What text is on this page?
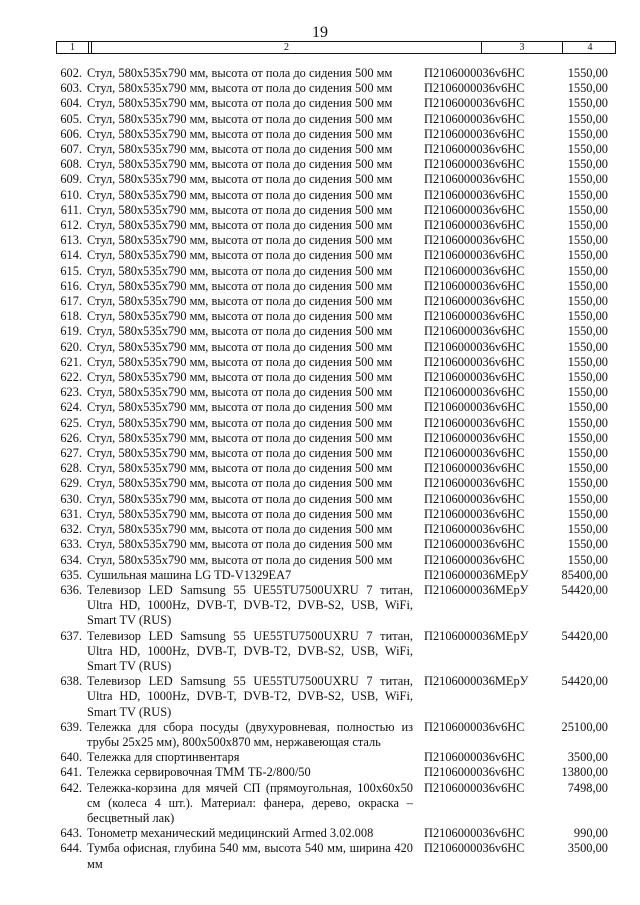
19
1	2	3	4
602. Стул, 580х535х790 мм, высота от пола до сидения 500 мм	П2106000036v6НС	1550,00
603. Стул, 580х535х790 мм, высота от пола до сидения 500 мм	П2106000036v6НС	1550,00
604. Стул, 580х535х790 мм, высота от пола до сидения 500 мм	П2106000036v6НС	1550,00
605. Стул, 580х535х790 мм, высота от пола до сидения 500 мм	П2106000036v6НС	1550,00
606. Стул, 580х535х790 мм, высота от пола до сидения 500 мм	П2106000036v6НС	1550,00
607. Стул, 580х535х790 мм, высота от пола до сидения 500 мм	П2106000036v6НС	1550,00
608. Стул, 580х535х790 мм, высота от пола до сидения 500 мм	П2106000036v6НС	1550,00
609. Стул, 580х535х790 мм, высота от пола до сидения 500 мм	П2106000036v6НС	1550,00
610. Стул, 580х535х790 мм, высота от пола до сидения 500 мм	П2106000036v6НС	1550,00
611. Стул, 580х535х790 мм, высота от пола до сидения 500 мм	П2106000036v6НС	1550,00
612. Стул, 580х535х790 мм, высота от пола до сидения 500 мм	П2106000036v6НС	1550,00
613. Стул, 580х535х790 мм, высота от пола до сидения 500 мм	П2106000036v6НС	1550,00
614. Стул, 580х535х790 мм, высота от пола до сидения 500 мм	П2106000036v6НС	1550,00
615. Стул, 580х535х790 мм, высота от пола до сидения 500 мм	П2106000036v6НС	1550,00
616. Стул, 580х535х790 мм, высота от пола до сидения 500 мм	П2106000036v6НС	1550,00
617. Стул, 580х535х790 мм, высота от пола до сидения 500 мм	П2106000036v6НС	1550,00
618. Стул, 580х535х790 мм, высота от пола до сидения 500 мм	П2106000036v6НС	1550,00
619. Стул, 580х535х790 мм, высота от пола до сидения 500 мм	П2106000036v6НС	1550,00
620. Стул, 580х535х790 мм, высота от пола до сидения 500 мм	П2106000036v6НС	1550,00
621. Стул, 580х535х790 мм, высота от пола до сидения 500 мм	П2106000036v6НС	1550,00
622. Стул, 580х535х790 мм, высота от пола до сидения 500 мм	П2106000036v6НС	1550,00
623. Стул, 580х535х790 мм, высота от пола до сидения 500 мм	П2106000036v6НС	1550,00
624. Стул, 580х535х790 мм, высота от пола до сидения 500 мм	П2106000036v6НС	1550,00
625. Стул, 580х535х790 мм, высота от пола до сидения 500 мм	П2106000036v6НС	1550,00
626. Стул, 580х535х790 мм, высота от пола до сидения 500 мм	П2106000036v6НС	1550,00
627. Стул, 580х535х790 мм, высота от пола до сидения 500 мм	П2106000036v6НС	1550,00
628. Стул, 580х535х790 мм, высота от пола до сидения 500 мм	П2106000036v6НС	1550,00
629. Стул, 580х535х790 мм, высота от пола до сидения 500 мм	П2106000036v6НС	1550,00
630. Стул, 580х535х790 мм, высота от пола до сидения 500 мм	П2106000036v6НС	1550,00
631. Стул, 580х535х790 мм, высота от пола до сидения 500 мм	П2106000036v6НС	1550,00
632. Стул, 580х535х790 мм, высота от пола до сидения 500 мм	П2106000036v6НС	1550,00
633. Стул, 580х535х790 мм, высота от пола до сидения 500 мм	П2106000036v6НС	1550,00
634. Стул, 580х535х790 мм, высота от пола до сидения 500 мм	П2106000036v6НС	1550,00
635. Сушильная машина LG TD-V1329EA7	П2106000036МЕрУ	85400,00
636. Телевизор LED Samsung 55 UE55TU7500UXRU 7 титан, Ultra HD, 1000Hz, DVB-T, DVB-T2, DVB-S2, USB, WiFi, Smart TV (RUS)
П2106000036МЕрУ	54420,00
637. Телевизор LED Samsung 55 UE55TU7500UXRU 7 титан, Ultra HD, 1000Hz, DVB-T, DVB-T2, DVB-S2, USB, WiFi, Smart TV (RUS)
П2106000036МЕрУ	54420,00
638. Телевизор LED Samsung 55 UE55TU7500UXRU 7 титан, Ultra HD, 1000Hz, DVB-T, DVB-T2, DVB-S2, USB, WiFi, Smart TV (RUS)
П2106000036МЕрУ	54420,00
639. Тележка для сбора посуды (двухуровневая, полностью из трубы 25х25 мм), 800х500х870 мм, нержавеющая сталь
П2106000036v6НС	25100,00
640. Тележка для спортинвентаря	П2106000036v6НС	3500,00
641. Тележка сервировочная ТММ ТБ-2/800/50	П2106000036v6НС	13800,00
642. Тележка-корзина для мячей СП (прямоугольная, 100х60х50 см (колеса 4 шт.). Материал: фанера, дерево, окраска – бесцветный лак)
П2106000036v6НС	7498,00
643. Тонометр механический медицинский Armed 3.02.008	П2106000036v6НС	990,00
644. Тумба офисная, глубина 540 мм, высота 540 мм, ширина 420 мм
П2106000036v6НС	3500,00
